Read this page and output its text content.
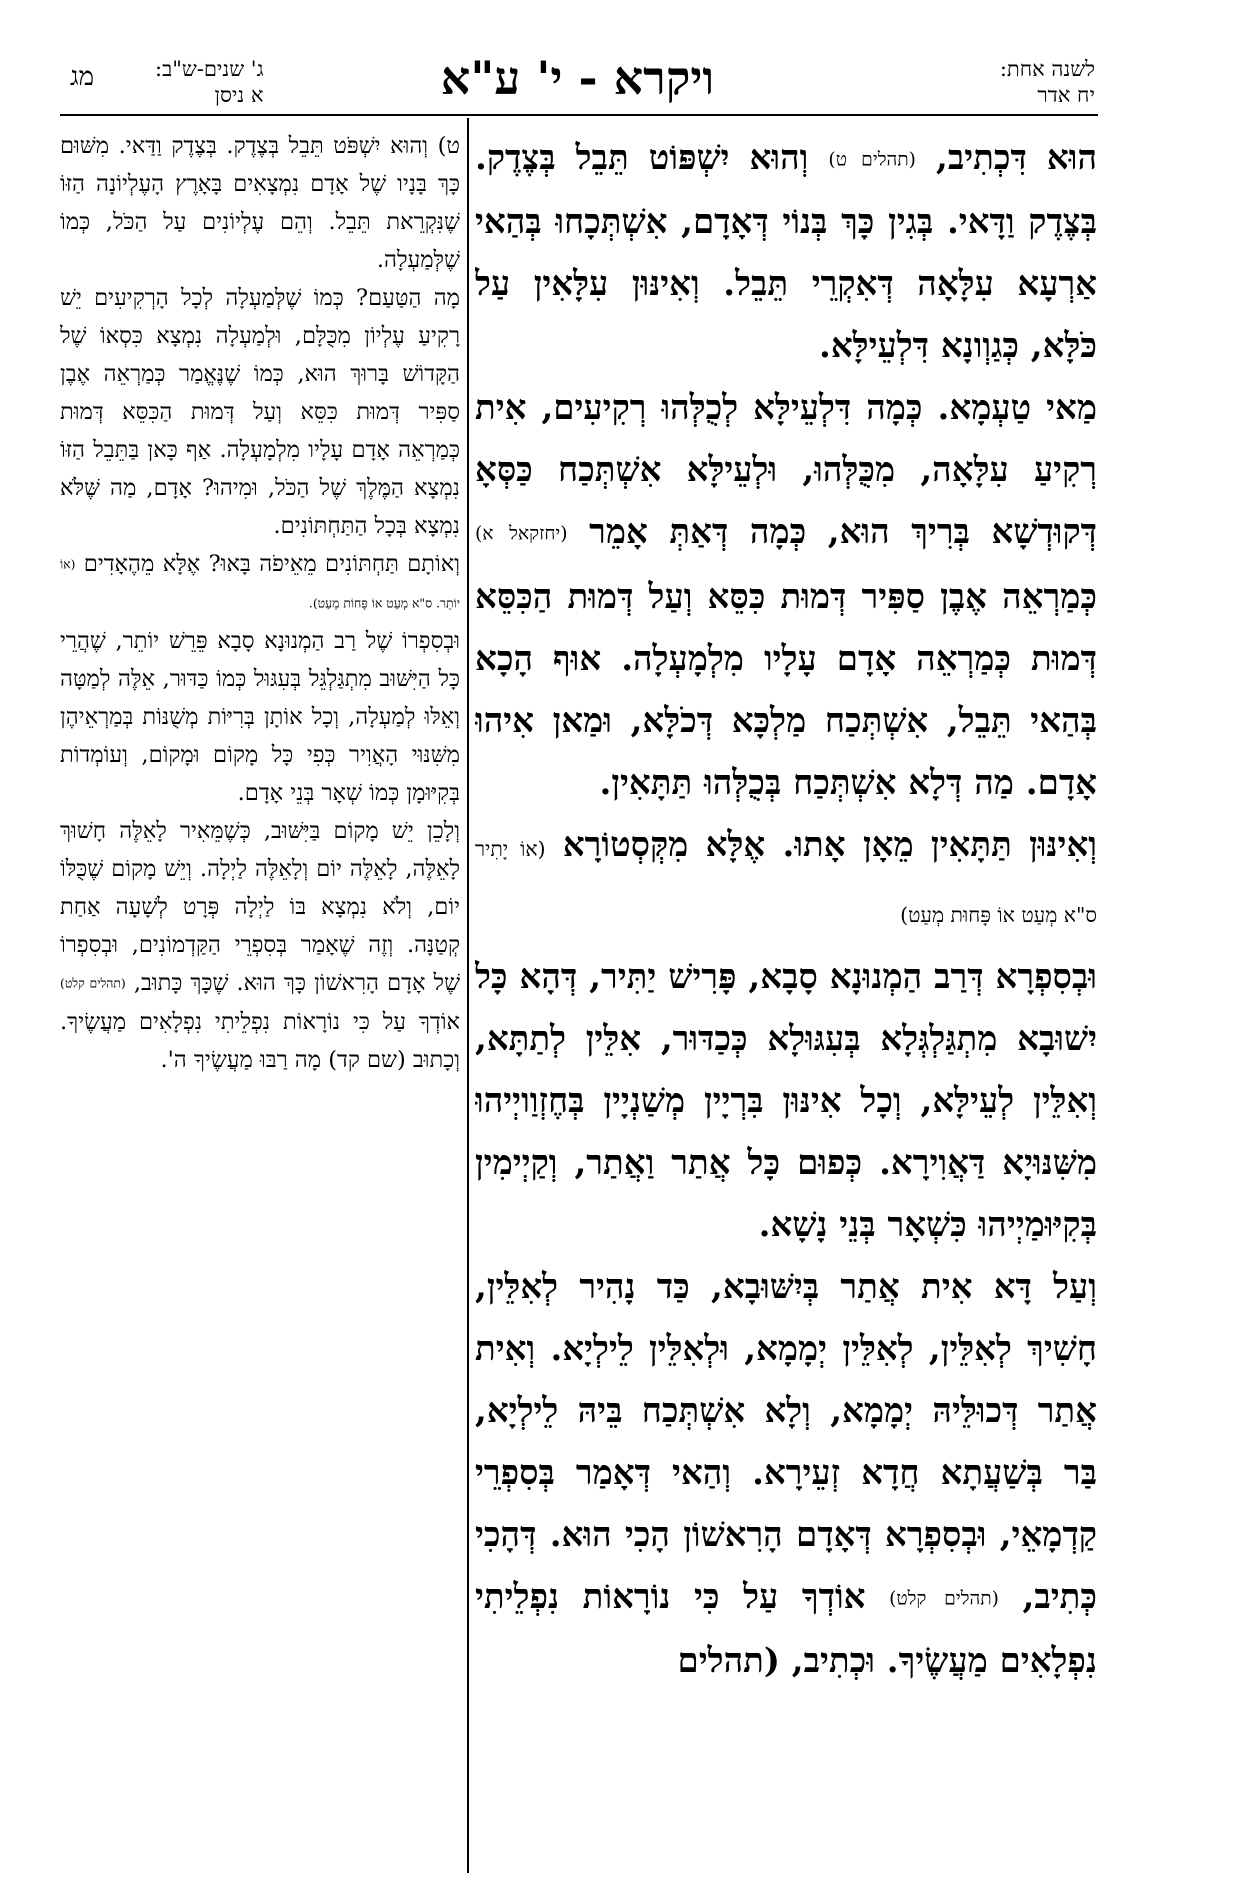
לשנה אחת:
יח אדר
ויקרא - י' ע"א
ג' שנים-ש"ב:
א ניסן
מג

הוּא דִּכְתִיב, (תהלים ט) וְהוּא יִשְׁפּוֹט תֵּבֵל בְּצֶדֶק. בְּצֶדֶק וַדָּאי. בְּגִין כָּךְ בְּנוֹי דְּאָדָם, אִשְׁתְּכָחוּ בְּהַאי אַרְעָא עִלָּאָה דְּאִקְרֵי תֵּבֵל. וְאִינּוּן עִלָּאִין עַל כֹּלָּא, כְּגַוְונָא דִּלְעֵילָּא.

מַאי טַעְמָא. כְּמָה דִּלְעֵילָּא לְכֻלְּהוּ רְקִיעִים, אִית רְקִיעַ עִלָּאָה, מִכֻּלְּהוּ, וּלְעֵילָּא אִשְׁתְּכַח כַּסְּאָ דְּקוּדְשָׁא בְּרִיךְ הוּא, כְּמָה דְּאַתְּ אָמֵר (יחזקאל א) כְּמַרְאֵה אֶבֶן סַפִּיר דְּמוּת כִּסֵּא וְעַל דְּמוּת הַכִּסֵּא דְּמוּת כְּמַרְאֵה אָדָם עָלָיו מִלְמָעְלָה. אוּף הָכָא בְּהַאי תֵּבֵל, אִשְׁתְּכַח מַלְכָּא דְּכֹלָּא, וּמַאן אִיהוּ אָדָם. מַה דְּלָא אִשְׁתְּכַח בְּכֻלְּהוּ תַּתָּאִין.

וְאִינּוּן תַּתָּאִין מֵאָן אָתוּ. אֶלָּא מִקְּסְטוֹרָא (אוֹ יָתִיר ס"א מְעַט אוֹ פָּחוּת מְעַט)

וּבְסִפְרָא דְּרַב הַמְנוּנָא סָבָא, פָּרִישׁ יַתִּיר, דְּהָא כָּל יִשׁוּבָא מִתְגַּלְגְּלָא בְּעִגּוּלָא כְּכַדּוּר, אִלֵּין לְתַתָּא, וְאִלֵּין לְעֵילָּא, וְכָל אִינּוּן בִּרְיָין מְשַׁנְיָין בְּחֶזְוַויְיהוּ מִשִּׁנּוּיָא דַּאֲוִירָא. כְּפוּם כָּל אֲתַר וַאֲתַר, וְקַיְימִין בְּקִיּוּמַיְיהוּ כִּשְׁאָר בְּנֵי נָשָׁא.

וְעַל דָּא אִית אֲתַר בְּיִשּׁוּבָא, כַּד נָהִיר לְאִלֵּין, חָשִׁיךְ לְאִלֵּין, לְאִלֵּין יְמָמָא, וּלְאִלֵּין לֵילְיָא. וְאִית אֲתַר דְּכוּלֵּיהּ יְמָמָא, וְלָא אִשְׁתְּכַח בֵּיהּ לֵילְיָא, בַּר בְּשַׁעֲתָא חֲדָא זְעֵירָא. וְהַאי דְּאָמַר בְּסִפְרֵי קַדְמָאֵי, וּבְסִפְרָא דְּאָדָם הָרִאשׁוֹן הָכִי הוּא. דְּהָכִי כְּתִיב, (תהלים קלט) אוֹדְךָ עַל כִּי נוֹרָאוֹת נִפְלֵיתִי נִפְלָאִים מַעֲשֶׂיךָ. וּכְתִיב, (תהלים

ט) וְהוּא יִשְׁפֹּט תֵּבֵל בְּצֶדֶק. בְּצֶדֶק וַדַּאי. מִשּׁוּם כָּךְ בָּנָיו שֶׁל אָדָם נִמְצָאִים בָּאָרֶץ הָעֶלְיוֹנָה הַזּוֹ שֶׁנִּקְרֵאת תֵּבֵל. וְהֵם עֶלְיוֹנִים עַל הַכֹּל, כְּמוֹ שֶׁלְּמַעְלָה.

מָה הַטַּעַם? כְּמוֹ שֶׁלְּמַעְלָה לְכָל הָרְקִיעִים יֵשׁ רָקִיעַ עֶלְיוֹן מִכֻּלָּם, וּלְמַעְלָה נִמְצָא כִּסְאוֹ שֶׁל הַקָּדוֹשׁ בָּרוּךְ הוּא, כְּמוֹ שֶׁנֶּאֱמַר כְּמַרְאֵה אֶבֶן סַפִּיר דְּמוּת כִּסֵּא וְעַל דְּמוּת הַכִּסֵּא דְּמוּת כְּמַרְאֵה אָדָם עָלָיו מִלְמָעְלָה. אַף כָּאן בַּתֵּבֵל הַזּוֹ נִמְצָא הַמֶּלֶךְ שֶׁל הַכֹּל, וּמִיהוּ? אָדָם, מַה שֶּׁלֹּא נִמְצָא בְּכָל הַתַּחְתּוֹנִים.

וְאוֹתָם תַּחְתּוֹנִים מֵאֵיפֹה בָּאוּ? אֶלָּא מֵהֶאָדִים (אוֹ יוֹתֵר. ס"א מְעַט אוֹ פָּחוֹת מְעַט).

וּבְסִפְרוֹ שֶׁל רַב הַמְנוּנָא סָבָא פֵּרֵשׁ יוֹתֵר, שֶׁהֲרֵי כָּל הַיִּשּׁוּב מִתְגַּלְגֵּל בְּעִגּוּל כְּמוֹ כַּדּוּר, אֵלֶּה לְמַטָּה וְאֵלּוּ לְמַעְלָה, וְכָל אוֹתָן בְּרִיּוֹת מְשֻׁנּוֹת בְּמַרְאֵיהֶן מִשִּׁנּוּי הָאֲוִיר כְּפִי כָּל מָקוֹם וּמָקוֹם, וְעוֹמְדוֹת בְּקִיּוּמָן כְּמוֹ שְׁאָר בְּנֵי אָדָם.

וְלָכֵן יֵשׁ מָקוֹם בַּיִּשּׁוּב, כְּשֶׁמֵּאִיר לָאֵלֶּה חָשׁוּךְ לָאֵלֶּה, לָאֵלֶּה יוֹם וְלָאֵלֶּה לַיְלָה. וְיֵשׁ מָקוֹם שֶׁכֻּלּוֹ יוֹם, וְלֹא נִמְצָא בּוֹ לַיְלָה פְּרָט לְשָׁעָה אַחַת קְטַנָּה. וְזֶה שֶׁאָמַר בְּסִפְרֵי הַקַּדְמוֹנִים, וּבְסִפְרוֹ שֶׁל אָדָם הָרִאשׁוֹן כָּךְ הוּא. שֶׁכָּךְ כָּתוּב, (תהלים קלט) אוֹדְךָ עַל כִּי נוֹרָאוֹת נִפְלֵיתִי נִפְלָאִים מַעֲשֶׂיךָ. וְכָתוּב (שם קד) מָה רַבּוּ מַעֲשֶׂיךָ ה'.
